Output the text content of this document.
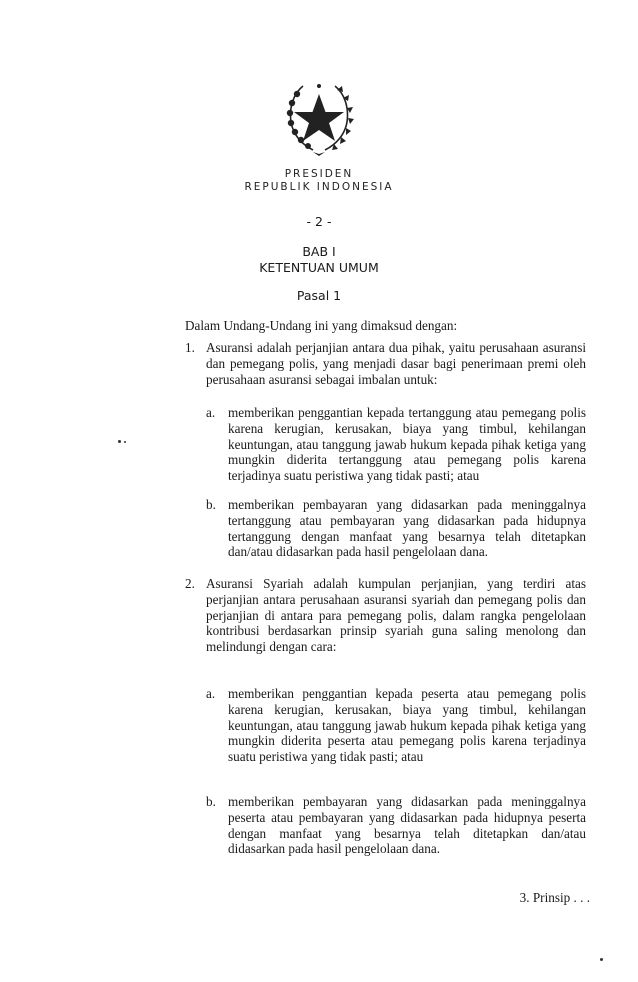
PRESIDEN
REPUBLIK INDONESIA
- 2 -
BAB I
KETENTUAN UMUM
Pasal 1
Dalam Undang-Undang ini yang dimaksud dengan:
1. Asuransi adalah perjanjian antara dua pihak, yaitu perusahaan asuransi dan pemegang polis, yang menjadi dasar bagi penerimaan premi oleh perusahaan asuransi sebagai imbalan untuk:
a. memberikan penggantian kepada tertanggung atau pemegang polis karena kerugian, kerusakan, biaya yang timbul, kehilangan keuntungan, atau tanggung jawab hukum kepada pihak ketiga yang mungkin diderita tertanggung atau pemegang polis karena terjadinya suatu peristiwa yang tidak pasti; atau
b. memberikan pembayaran yang didasarkan pada meninggalnya tertanggung atau pembayaran yang didasarkan pada hidupnya tertanggung dengan manfaat yang besarnya telah ditetapkan dan/atau didasarkan pada hasil pengelolaan dana.
2. Asuransi Syariah adalah kumpulan perjanjian, yang terdiri atas perjanjian antara perusahaan asuransi syariah dan pemegang polis dan perjanjian di antara para pemegang polis, dalam rangka pengelolaan kontribusi berdasarkan prinsip syariah guna saling menolong dan melindungi dengan cara:
a. memberikan penggantian kepada peserta atau pemegang polis karena kerugian, kerusakan, biaya yang timbul, kehilangan keuntungan, atau tanggung jawab hukum kepada pihak ketiga yang mungkin diderita peserta atau pemegang polis karena terjadinya suatu peristiwa yang tidak pasti; atau
b. memberikan pembayaran yang didasarkan pada meninggalnya peserta atau pembayaran yang didasarkan pada hidupnya peserta dengan manfaat yang besarnya telah ditetapkan dan/atau didasarkan pada hasil pengelolaan dana.
3. Prinsip . . .
